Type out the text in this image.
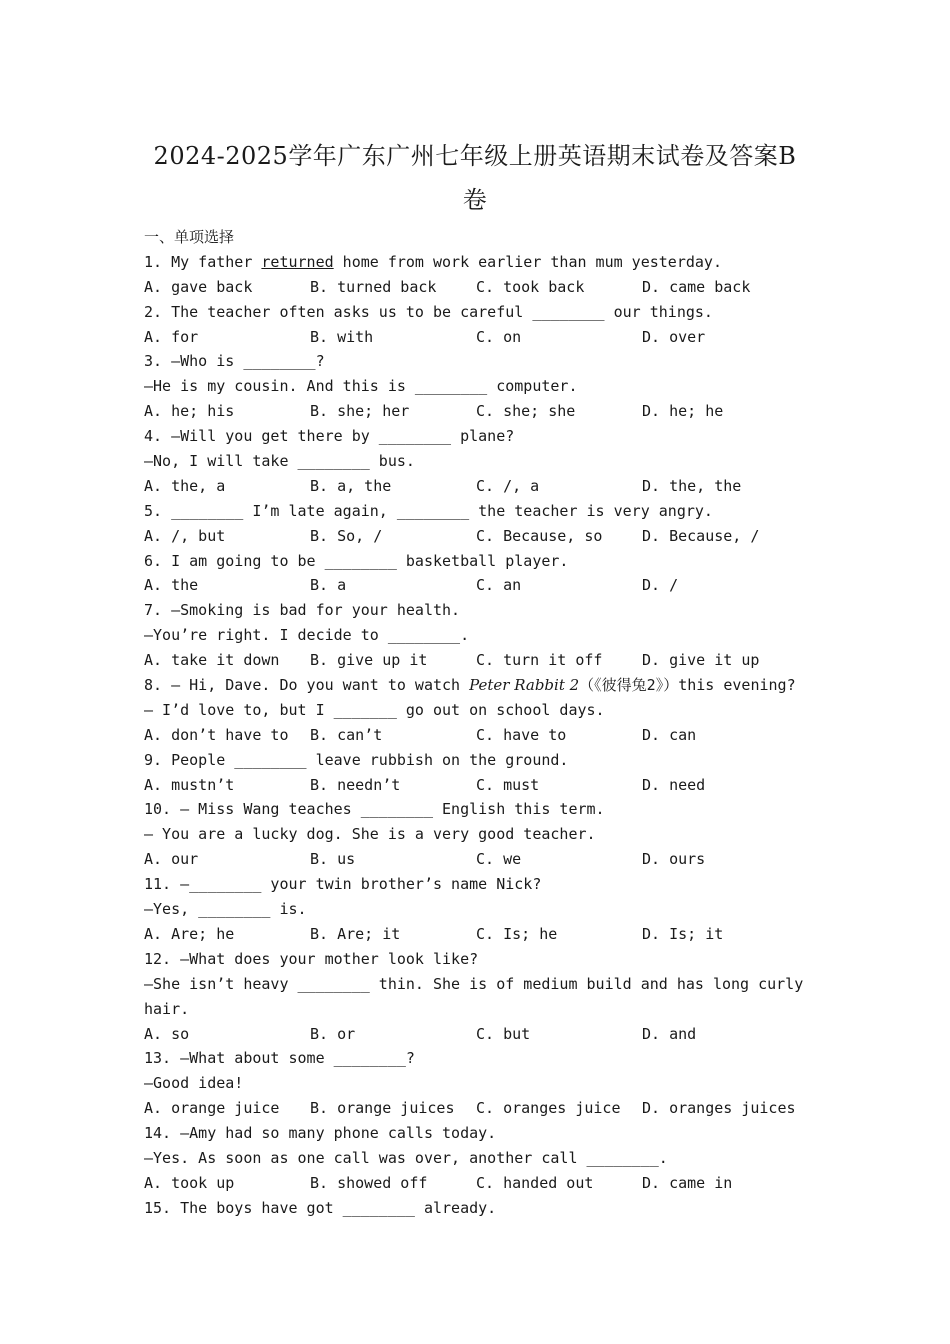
2024-2025学年广东广州七年级上册英语期末试卷及答案B
卷
一、单项选择
1. My father returned home from work earlier than mum yesterday.
A. gave back	B. turned back	C. took back	D. came back
2. The teacher often asks us to be careful ________ our things.
A. for	B. with	C. on	D. over
3. —Who is ________?
—He is my cousin. And this is ________ computer.
A. he; his	B. she; her	C. she; she	D. he; he
4. —Will you get there by ________ plane?
—No, I will take ________ bus.
A. the, a	B. a, the	C. /, a	D. the, the
5. ________ I’m late again, ________ the teacher is very angry.
A. /, but	B. So, /	C. Because, so	D. Because, /
6. I am going to be ________ basketball player.
A. the	B. a	C. an	D. /
7. —Smoking is bad for your health.
—You’re right. I decide to ________.
A. take it down B. give up it	C. turn it off	D. give it up
8. — Hi, Dave. Do you want to watch Peter Rabbit 2（《彼得兔2》）this evening?
— I’d love to, but I _______ go out on school days.
A. don’t have to B. can’t	C. have to	D. can
9. People ________ leave rubbish on the ground.
A. mustn’t	B. needn’t	C. must	D. need
10. — Miss Wang teaches ________ English this term.
— You are a lucky dog. She is a very good teacher.
A. our	B. us	C. we	D. ours
11. —________ your twin brother’s name Nick?
—Yes, ________ is.
A. Are; he	B. Are; it	C. Is; he	D. Is; it
12. —What does your mother look like?
—She isn’t heavy ________ thin. She is of medium build and has long curly
hair.
A. so	B. or	C. but	D. and
13. —What about some ________?
—Good idea!
A. orange juice B. orange juices C. oranges juice D. oranges juices
14. —Amy had so many phone calls today.
—Yes. As soon as one call was over, another call ________.
A. took up	B. showed off	C. handed out	D. came in
15. The boys have got ________ already.
